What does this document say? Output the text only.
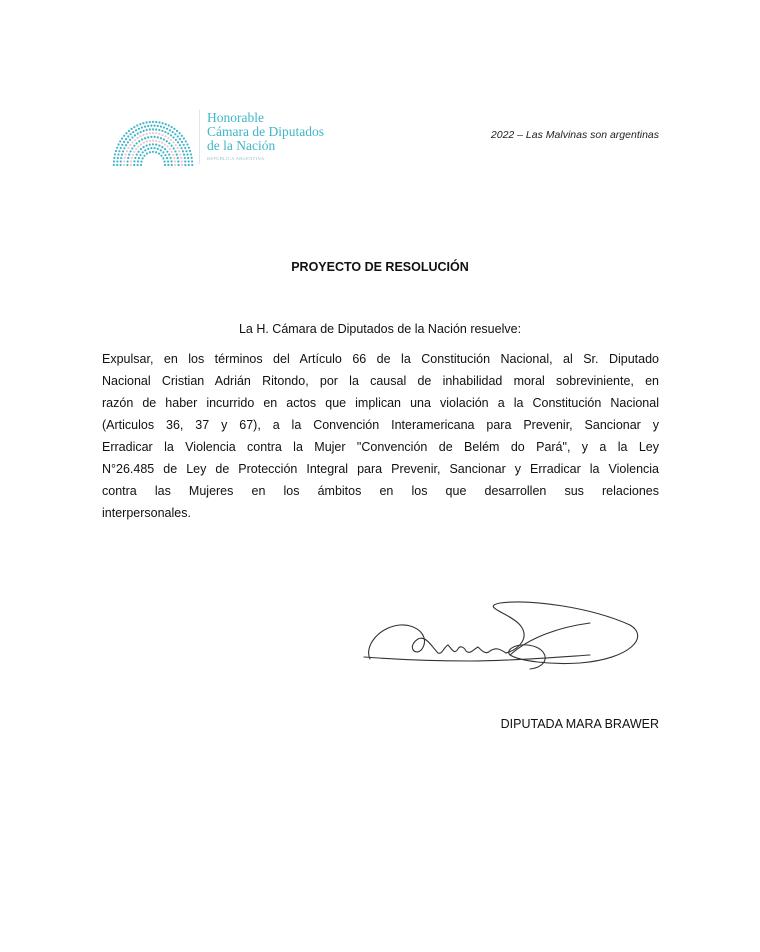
Honorable
Cámara de Diputados
de la Nación
REPÚBLICA ARGENTINA
2022 – Las Malvinas son argentinas
PROYECTO DE RESOLUCIÓN
La H. Cámara de Diputados de la Nación resuelve:
Expulsar, en los términos del Artículo 66 de la Constitución Nacional, al Sr. Diputado
Nacional Cristian Adrián Ritondo, por la causal de inhabilidad moral sobreviniente, en
razón de haber incurrido en actos que implican una violación a la Constitución Nacional
(Articulos 36, 37 y 67), a la Convención Interamericana para Prevenir, Sancionar y
Erradicar la Violencia contra la Mujer "Convención de Belém do Pará", y a la Ley
N°26.485 de Ley de Protección Integral para Prevenir, Sancionar y Erradicar la Violencia
contra las Mujeres en los ámbitos en los que desarrollen sus relaciones
interpersonales.
DIPUTADA MARA BRAWER
